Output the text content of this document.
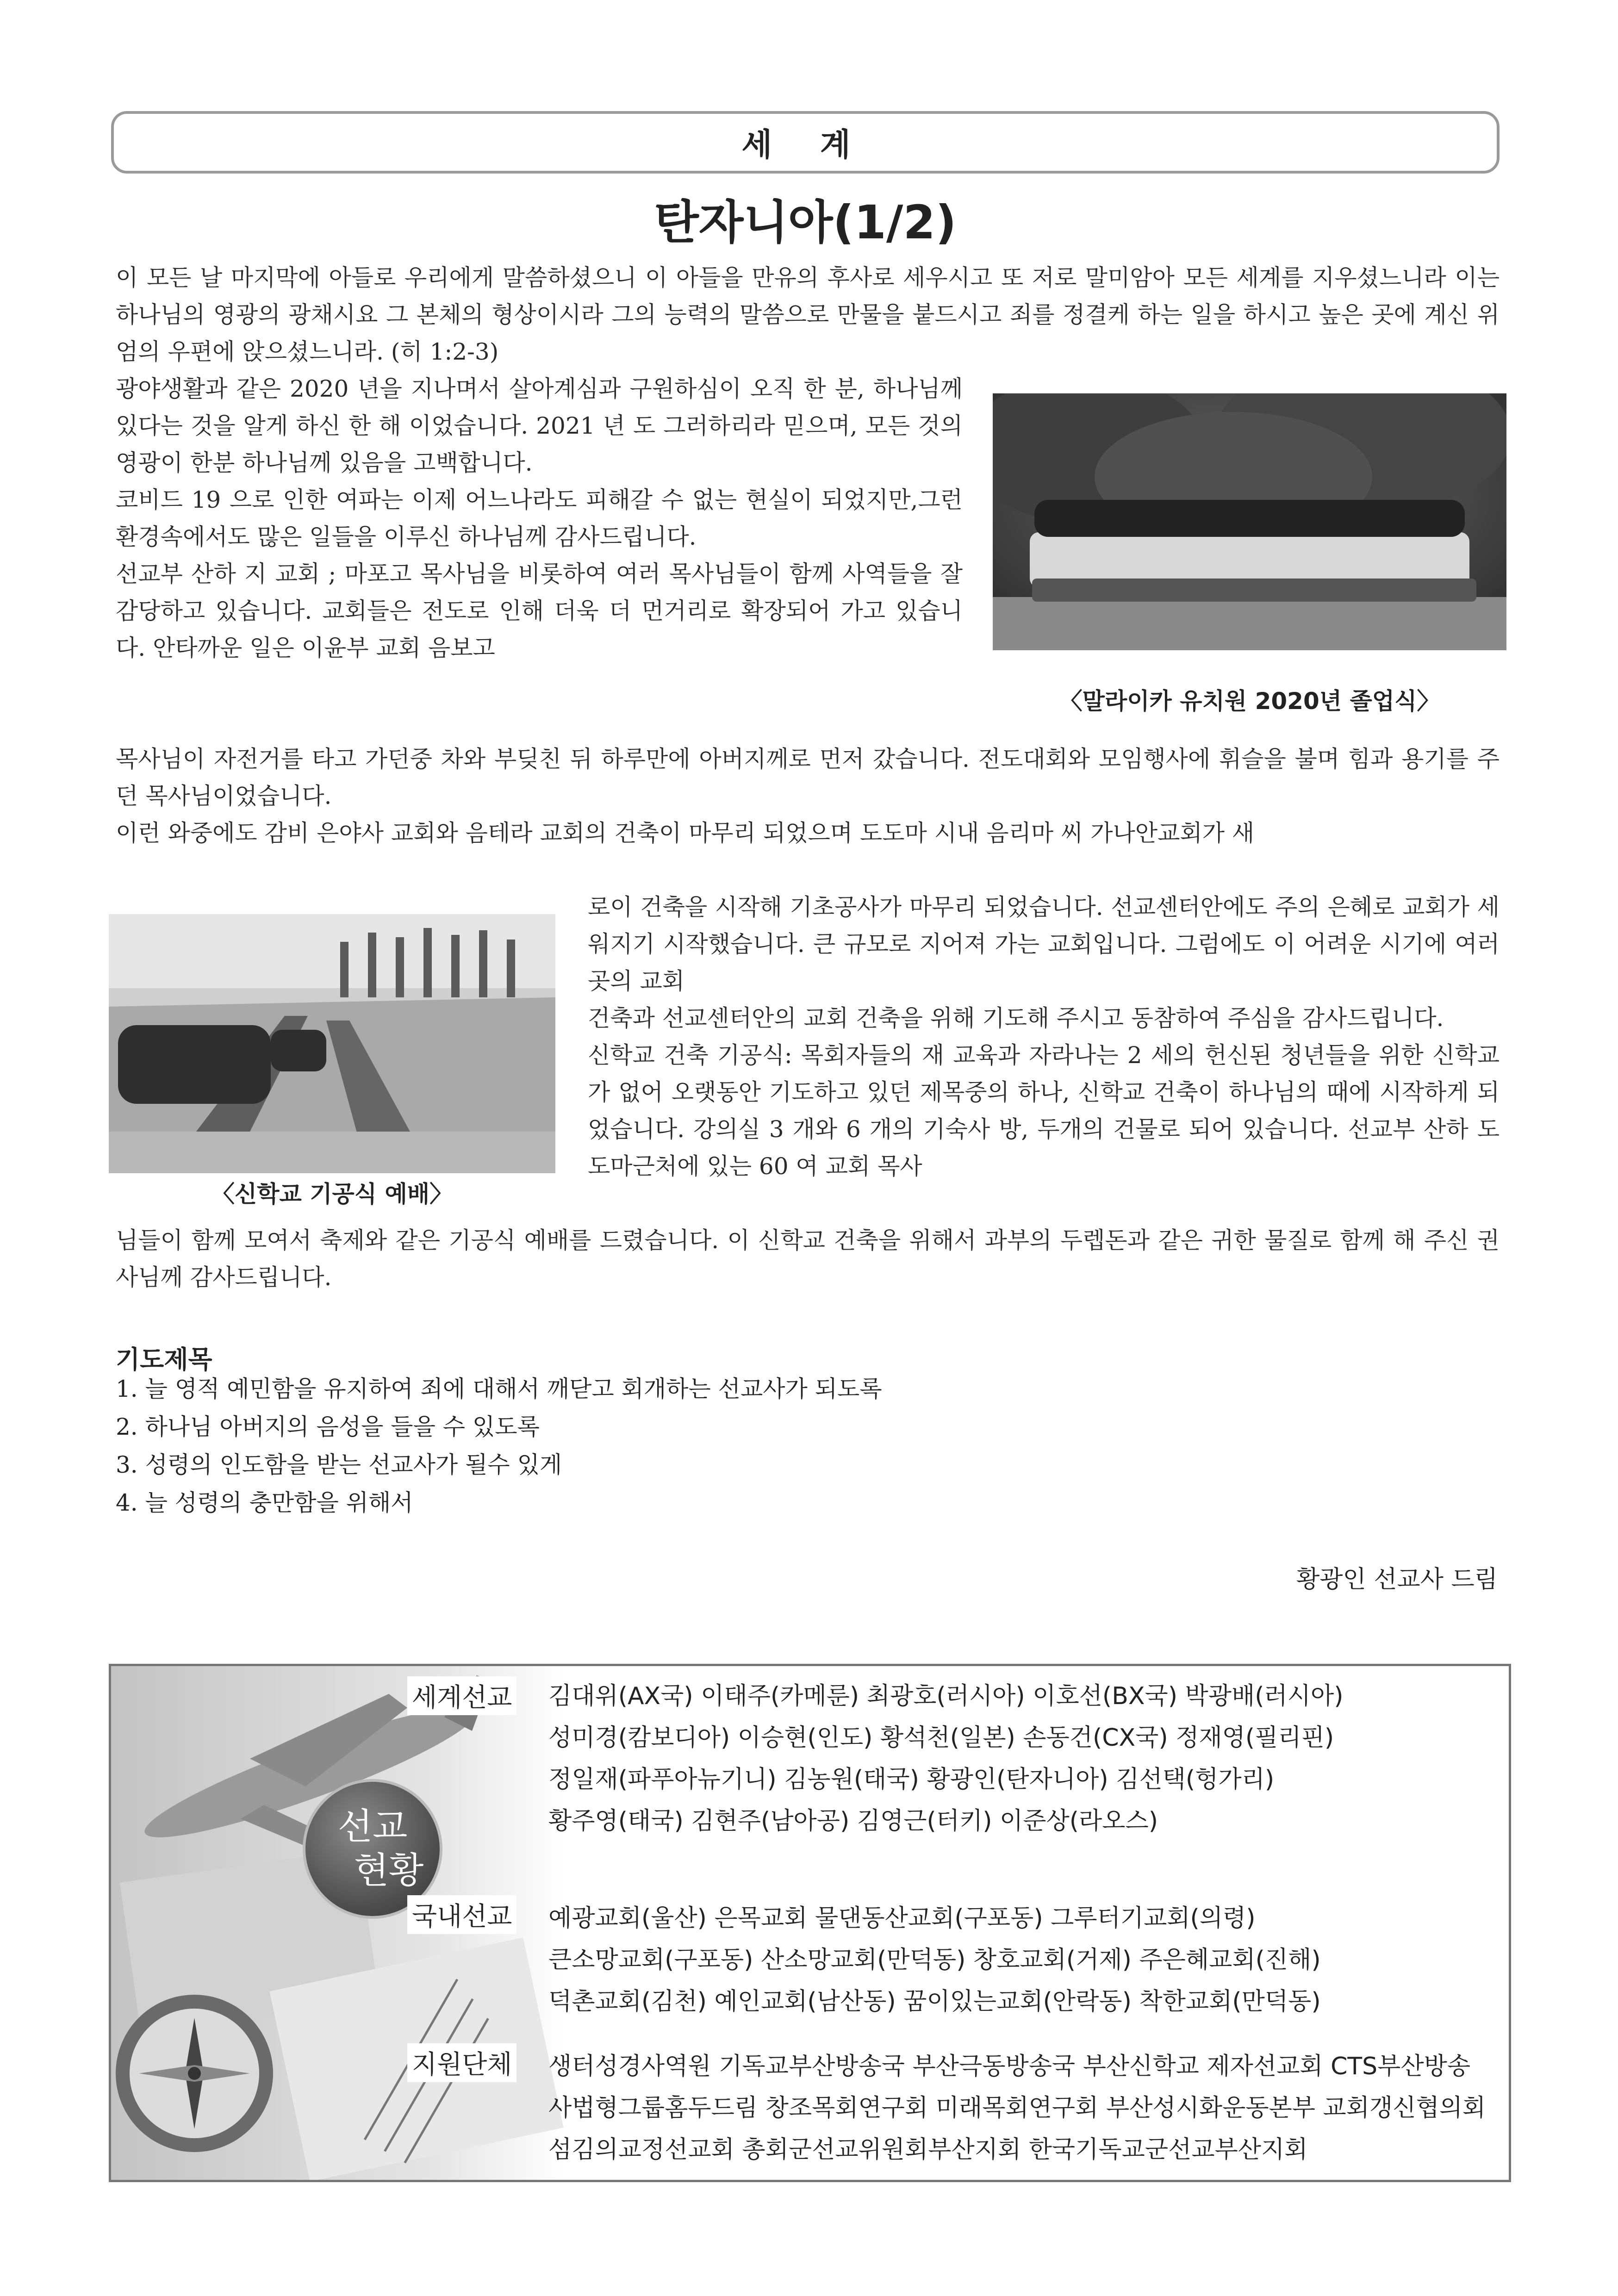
세 계
탄자니아(1/2)
이 모든 날 마지막에 아들로 우리에게 말씀하셨으니 이 아들을 만유의 후사로 세우시고 또 저로 말미암아 모든 세계를 지우셨느니라 이는 하나님의 영광의 광채시요 그 본체의 형상이시라 그의 능력의 말씀으로 만물을 붙드시고 죄를 정결케 하는 일을 하시고 높은 곳에 계신 위엄의 우편에 앉으셨느니라. (히 1:2-3)

광야생활과 같은 2020 년을 지나며서 살아계심과 구원하심이 오직 한 분, 하나님께 있다는 것을 알게 하신 한 해 이었습니다. 2021 년 도 그러하리라 믿으며, 모든 것의 영광이 한분 하나님께 있음을 고백합니다.

코비드 19 으로 인한 여파는 이제 어느나라도 피해갈 수 없는 현실이 되었지만,그런 환경속에서도 많은 일들을 이루신 하나님께 감사드립니다.

선교부 산하 지 교회 ; 마포고 목사님을 비롯하여 여러 목사님들이 함께 사역들을 잘 감당하고 있습니다. 교회들은 전도로 인해 더욱 더 먼거리로 확장되어 가고 있습니다. 안타까운 일은 이윤부 교회 음보고

〈말라이카 유치원 2020년 졸업식〉

목사님이 자전거를 타고 가던중 차와 부딪친 뒤 하루만에 아버지께로 먼저 갔습니다. 전도대회와 모임행사에 휘슬을 불며 힘과 용기를 주던 목사님이었습니다.

이런 와중에도 감비 은야사 교회와 음테라 교회의 건축이 마무리 되었으며 도도마 시내 음리마 씨 가나안교회가 새

〈신학교 기공식 예배〉

로이 건축을 시작해 기초공사가 마무리 되었습니다. 선교센터안에도 주의 은혜로 교회가 세워지기 시작했습니다. 큰 규모로 지어져 가는 교회입니다. 그럼에도 이 어려운 시기에 여러곳의 교회

건축과 선교센터안의 교회 건축을 위해 기도해 주시고 동참하여 주심을 감사드립니다.

신학교 건축 기공식: 목회자들의 재 교육과 자라나는 2 세의 헌신된 청년들을 위한 신학교가 없어 오랫동안 기도하고 있던 제목중의 하나, 신학교 건축이 하나님의 때에 시작하게 되었습니다. 강의실 3 개와 6 개의 기숙사 방, 두개의 건물로 되어 있습니다. 선교부 산하 도도마근처에 있는 60 여 교회 목사

님들이 함께 모여서 축제와 같은 기공식 예배를 드렸습니다. 이 신학교 건축을 위해서 과부의 두렙돈과 같은 귀한 물질로 함께 해 주신 권사님께 감사드립니다.

기도제목
1. 늘 영적 예민함을 유지하여 죄에 대해서 깨닫고 회개하는 선교사가 되도록
2. 하나님 아버지의 음성을 들을 수 있도록
3. 성령의 인도함을 받는 선교사가 될수 있게
4. 늘 성령의 충만함을 위해서
황광인 선교사 드림
선교
현황
세계선교 김대위(AX국) 이태주(카메룬) 최광호(러시아) 이호선(BX국) 박광배(러시아)
성미경(캄보디아) 이승현(인도) 황석천(일본) 손동건(CX국) 정재영(필리핀)
정일재(파푸아뉴기니) 김농원(태국) 황광인(탄자니아) 김선택(헝가리)
황주영(태국) 김현주(남아공) 김영근(터키) 이준상(라오스)
국내선교 예광교회(울산) 은목교회 물댄동산교회(구포동) 그루터기교회(의령)
큰소망교회(구포동) 산소망교회(만덕동) 창호교회(거제) 주은혜교회(진해)
덕촌교회(김천) 예인교회(남산동) 꿈이있는교회(안락동) 착한교회(만덕동)
지원단체 생터성경사역원 기독교부산방송국 부산극동방송국 부산신학교 제자선교회 CTS부산방송
사법형그룹홈두드림 창조목회연구회 미래목회연구회 부산성시화운동본부 교회갱신협의회
섬김의교정선교회 총회군선교위원회부산지회 한국기독교군선교부산지회
